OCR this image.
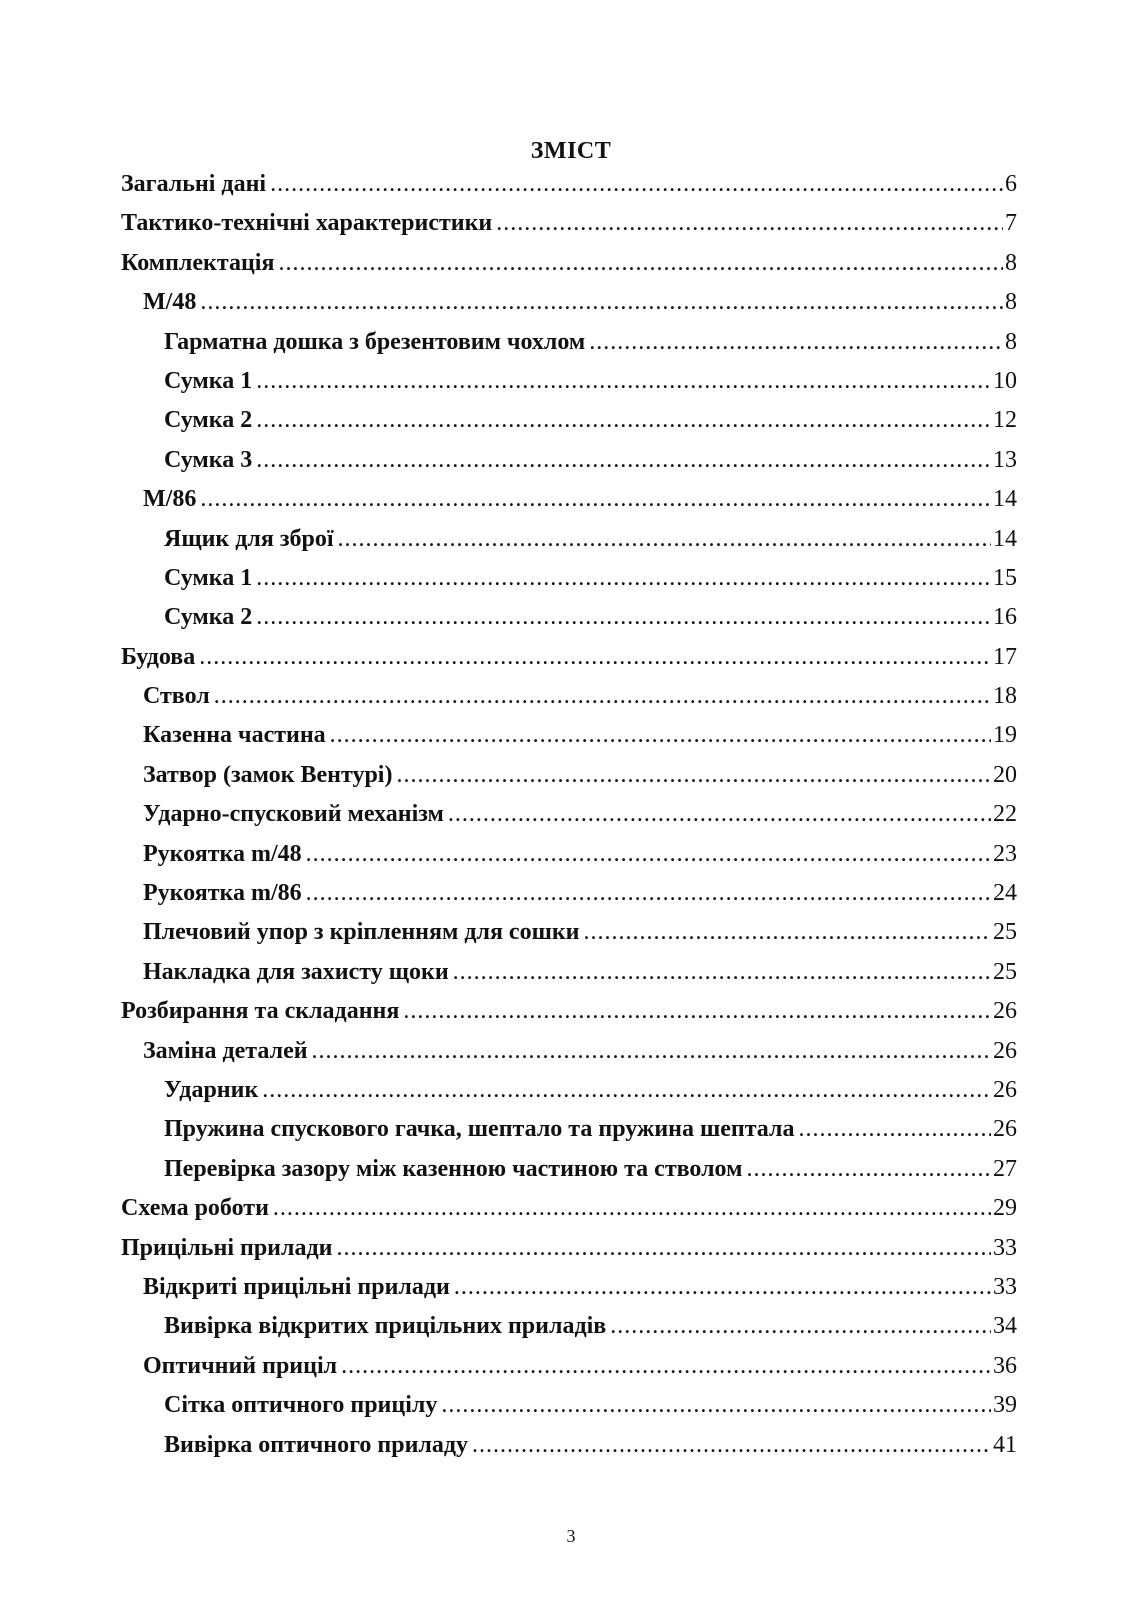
ЗМІСТ
Загальні дані .....	6
Тактико-технічні характеристики .....	7
Комплектація .....	8
M/48 .....	8
Гарматна дошка з брезентовим чохлом .....	8
Сумка 1 .....	10
Сумка 2 .....	12
Сумка 3 .....	13
M/86 .....	14
Ящик для зброї .....	14
Сумка 1 .....	15
Сумка 2 .....	16
Будова .....	17
Ствол .....	18
Казенна частина .....	19
Затвор (замок Вентурі) .....	20
Ударно-спусковий механізм .....	22
Рукоятка m/48 .....	23
Рукоятка m/86 .....	24
Плечовий упор з кріпленням для сошки .....	25
Накладка для захисту щоки .....	25
Розбирання та складання .....	26
Заміна деталей .....	26
Ударник .....	26
Пружина спускового гачка, шептало та пружина шептала .....	26
Перевірка зазору між казенною частиною та стволом .....	27
Схема роботи .....	29
Прицільні прилади .....	33
Відкриті прицільні прилади .....	33
Вивірка відкритих прицільних приладів .....	34
Оптичний приціл .....	36
Сітка оптичного прицілу .....	39
Вивірка оптичного приладу .....	41
3
